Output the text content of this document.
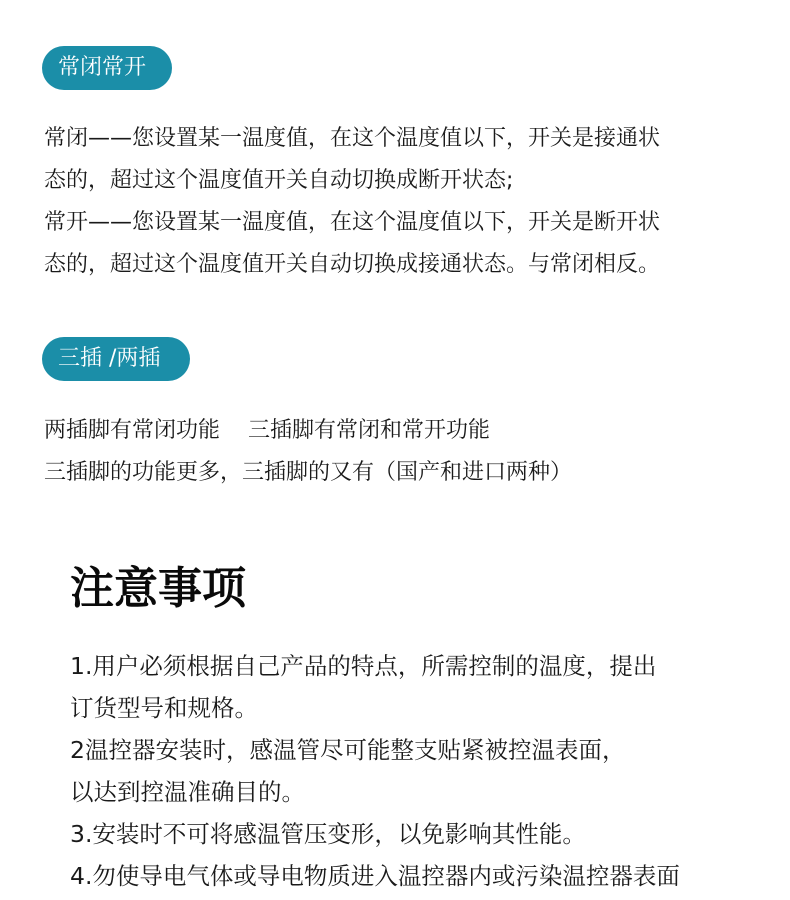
常闭常开
常闭——您设置某一温度值，在这个温度值以下，开关是接通状
态的，超过这个温度值开关自动切换成断开状态;
常开——您设置某一温度值，在这个温度值以下，开关是断开状
态的，超过这个温度值开关自动切换成接通状态。与常闭相反。
三插 /两插
两插脚有常闭功能    三插脚有常闭和常开功能
三插脚的功能更多，三插脚的又有（国产和进口两种）
注意事项
1.用户必须根据自己产品的特点，所需控制的温度，提出
订货型号和规格。
2温控器安装时，感温管尽可能整支贴紧被控温表面，
以达到控温准确目的。
3.安装时不可将感温管压变形，以免影响其性能。
4.勿使导电气体或导电物质进入温控器内或污染温控器表面
